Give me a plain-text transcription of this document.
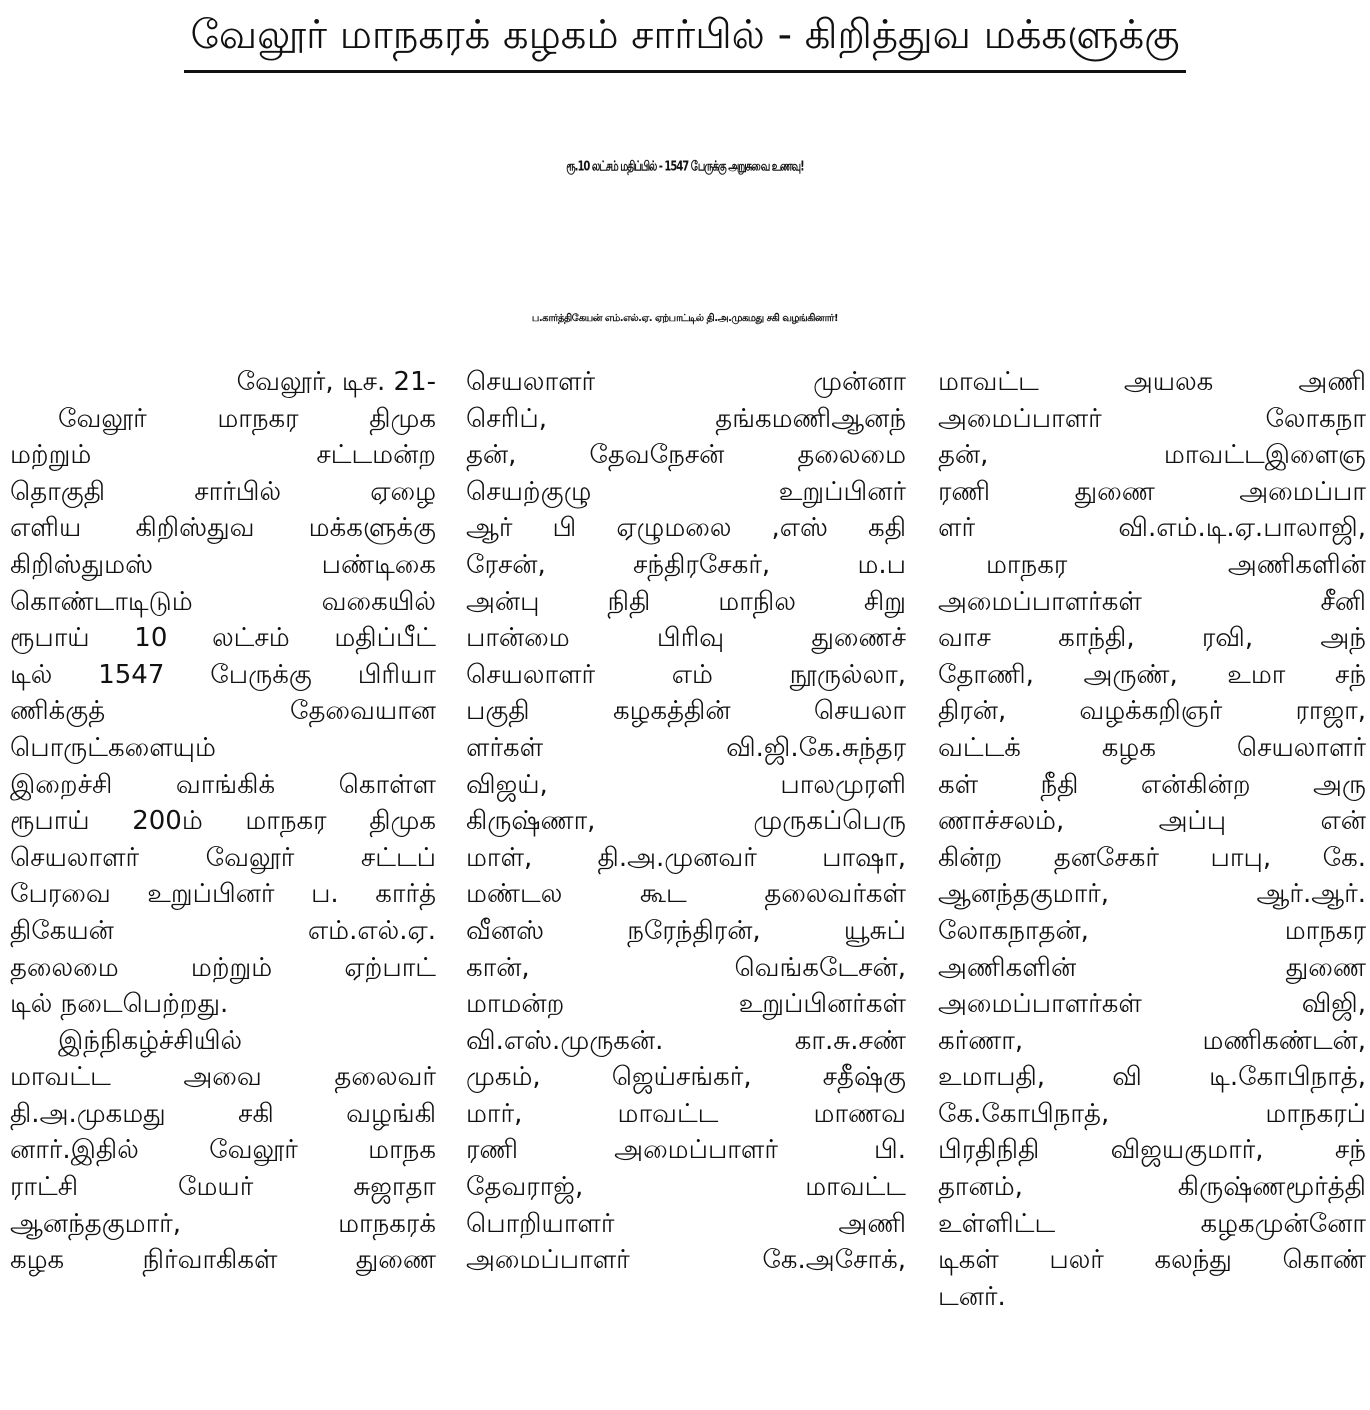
வேலூர் மாநகரக் கழகம் சார்பில் - கிறித்துவ மக்களுக்கு
ரூ.10 லட்சம் மதிப்பில் - 1547 பேருக்கு அறுசுவை உணவு!
ப.கார்த்திகேயன் எம்.எல்.ஏ. ஏற்பாட்டில் தி.அ.முகமது சகி வழங்கினார்!
வேலூர், டிச. 21-
வேலூர் மாநகர திமுக
மற்றும் சட்டமன்ற
தொகுதி சார்பில் ஏழை
எளிய கிறிஸ்துவ மக்களுக்கு
கிறிஸ்துமஸ் பண்டிகை
கொண்டாடிடும் வகையில்
ரூபாய் 10 லட்சம் மதிப்பீட்
டில் 1547 பேருக்கு பிரியா
ணிக்குத் தேவையான
பொருட்களையும்
இறைச்சி வாங்கிக் கொள்ள
ரூபாய் 200ம் மாநகர திமுக
செயலாளர் வேலூர் சட்டப்
பேரவை உறுப்பினர் ப. கார்த்
திகேயன் எம்.எல்.ஏ.
தலைமை மற்றும் ஏற்பாட்
டில் நடைபெற்றது.
இந்நிகழ்ச்சியில்
மாவட்ட அவை தலைவர்
தி.அ.முகமது சகி வழங்கி
னார்.இதில் வேலூர் மாநக
ராட்சி மேயர் சுஜாதா
ஆனந்தகுமார், மாநகரக்
கழக நிர்வாகிகள் துணை
செயலாளர் முன்னா
செரிப், தங்கமணிஆனந்
தன், தேவநேசன் தலைமை
செயற்குழு உறுப்பினர்
ஆர் பி ஏழுமலை ,எஸ் கதி
ரேசன், சந்திரசேகர், ம.ப
அன்பு நிதி மாநில சிறு
பான்மை பிரிவு துணைச்
செயலாளர் எம் நூருல்லா,
பகுதி கழகத்தின் செயலா
ளர்கள் வி.ஜி.கே.சுந்தர
விஜய், பாலமுரளி
கிருஷ்ணா, முருகப்பெரு
மாள், தி.அ.முனவர் பாஷா,
மண்டல கூட தலைவர்கள்
வீனஸ் நரேந்திரன், யூசுப்
கான், வெங்கடேசன்,
மாமன்ற உறுப்பினர்கள்
வி.எஸ்.முருகன். கா.சு.சண்
முகம், ஜெய்சங்கர், சதீஷ்கு
மார், மாவட்ட மாணவ
ரணி அமைப்பாளர் பி.
தேவராஜ், மாவட்ட
பொறியாளர் அணி
அமைப்பாளர் கே.அசோக்,
மாவட்ட அயலக அணி
அமைப்பாளர் லோகநா
தன், மாவட்டஇளைஞ
ரணி துணை அமைப்பா
ளர் வி.எம்.டி.ஏ.பாலாஜி,
மாநகர அணிகளின்
அமைப்பாளர்கள் சீனி
வாச காந்தி, ரவி, அந்
தோணி, அருண், உமா சந்
திரன், வழக்கறிஞர் ராஜா,
வட்டக் கழக செயலாளர்
கள் நீதி என்கின்ற அரு
ணாச்சலம், அப்பு என்
கின்ற தனசேகர் பாபு, கே.
ஆனந்தகுமார், ஆர்.ஆர்.
லோகநாதன், மாநகர
அணிகளின் துணை
அமைப்பாளர்கள் விஜி,
கர்ணா, மணிகண்டன்,
உமாபதி, வி டி.கோபிநாத்,
கே.கோபிநாத், மாநகரப்
பிரதிநிதி விஜயகுமார், சந்
தானம், கிருஷ்ணமூர்த்தி
உள்ளிட்ட கழகமுன்னோ
டிகள் பலர் கலந்து கொண்
டனர்.
